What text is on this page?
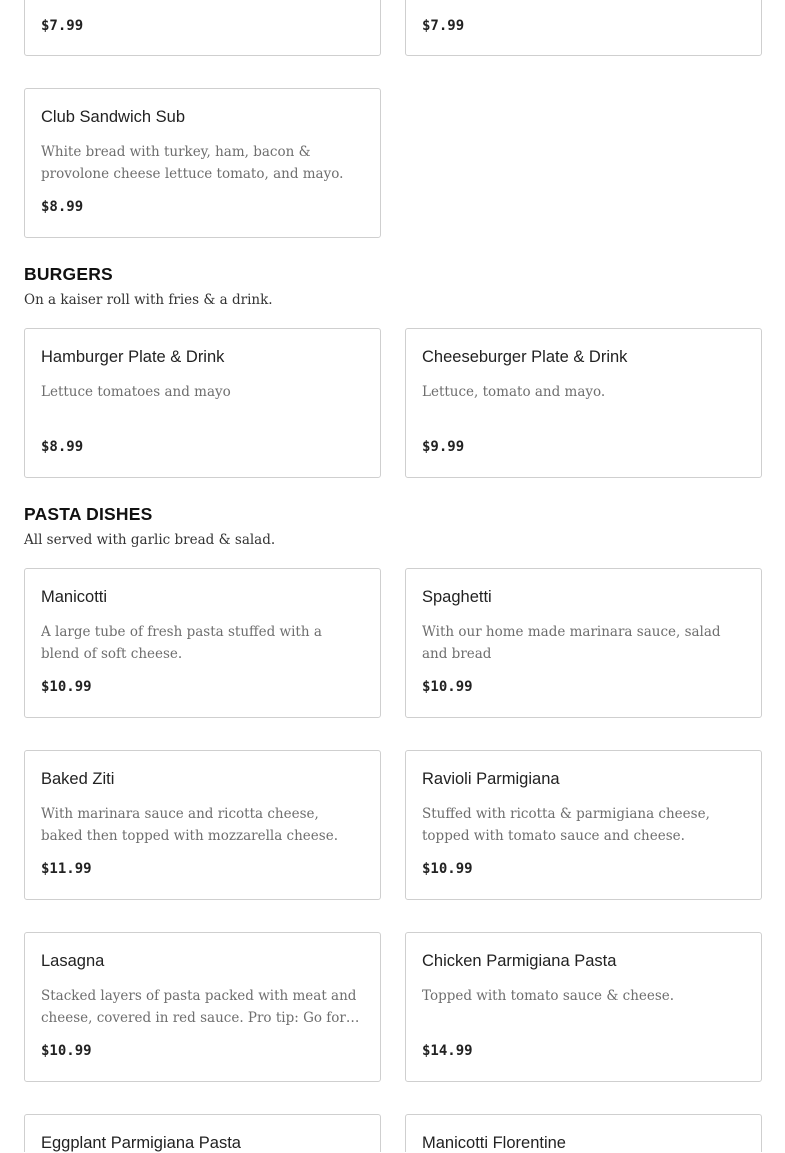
$7.99	$7.99
Club Sandwich Sub
White bread with turkey, ham, bacon & provolone cheese lettuce tomato, and mayo.
$8.99
BURGERS

On a kaiser roll with fries & a drink.

Hamburger Plate & Drink
Lettuce tomatoes and mayo
$8.99
Cheeseburger Plate & Drink
Lettuce, tomato and mayo.
$9.99
PASTA DISHES

All served with garlic bread & salad.

Manicotti
A large tube of fresh pasta stuffed with a blend of soft cheese.
$10.99
Spaghetti
With our home made marinara sauce, salad and bread
$10.99
Baked Ziti
With marinara sauce and ricotta cheese, baked then topped with mozzarella cheese.
$11.99
Ravioli Parmigiana
Stuffed with ricotta & parmigiana cheese, topped with tomato sauce and cheese.
$10.99
Lasagna
Stacked layers of pasta packed with meat and cheese, covered in red sauce. Pro tip: Go for
$10.99
Chicken Parmigiana Pasta
Topped with tomato sauce & cheese.
$14.99
Eggplant Parmigiana Pasta	Manicotti Florentine
